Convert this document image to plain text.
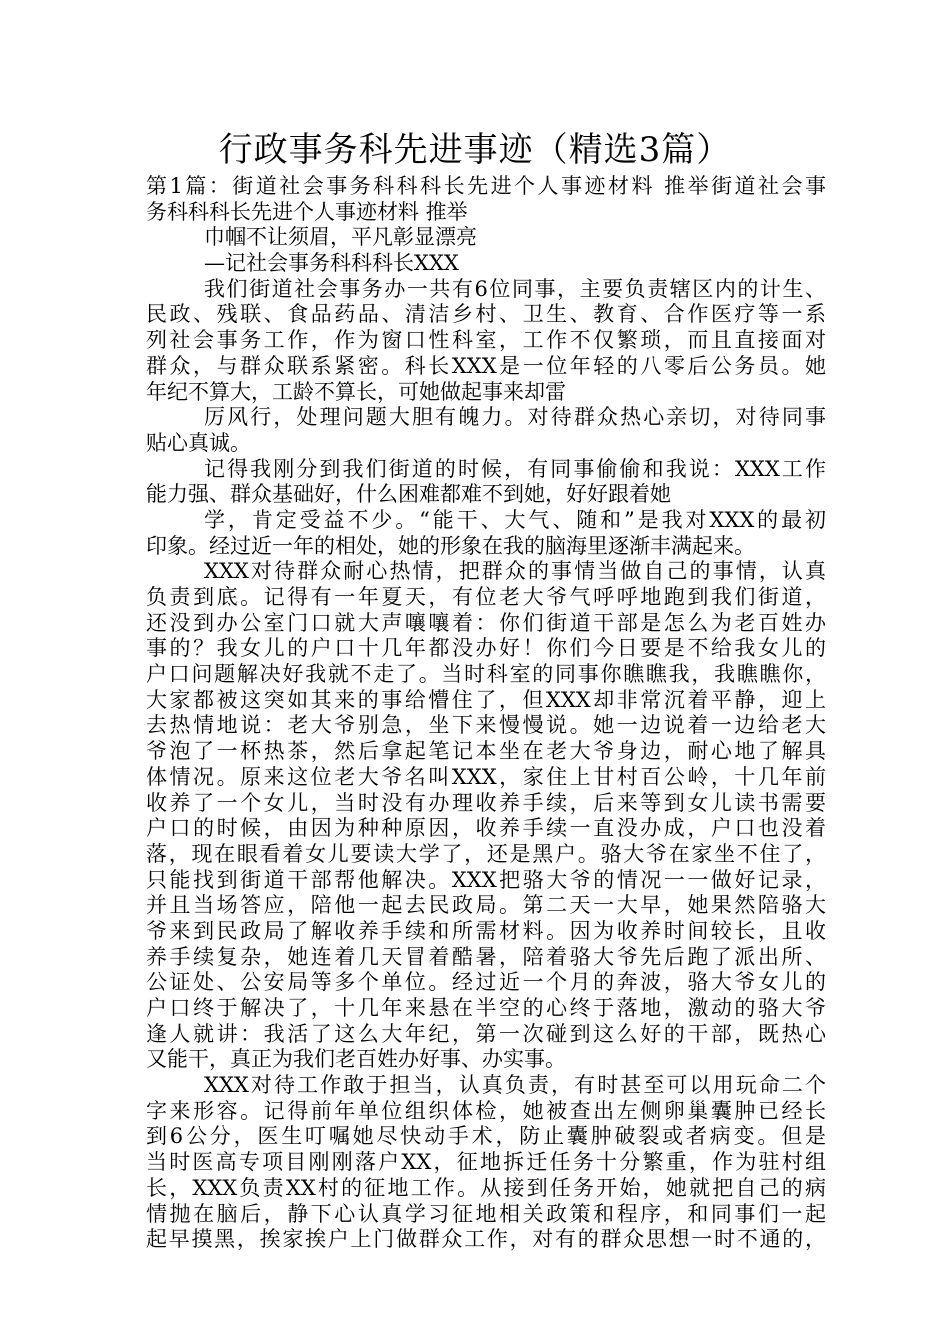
行政事务科先进事迹（精选3篇）
第1篇：街道社会事务科科科长先进个人事迹材料 推举街道社会事
务科科科长先进个人事迹材料 推举
巾帼不让须眉，平凡彰显漂亮
—记社会事务科科科长XXX
我们街道社会事务办一共有6位同事，主要负责辖区内的计生、
民政、残联、食品药品、清洁乡村、卫生、教育、合作医疗等一系
列社会事务工作，作为窗口性科室，工作不仅繁琐，而且直接面对
群众，与群众联系紧密。科长XXX是一位年轻的八零后公务员。她
年纪不算大，工龄不算长，可她做起事来却雷
厉风行，处理问题大胆有魄力。对待群众热心亲切，对待同事
贴心真诚。
记得我刚分到我们街道的时候，有同事偷偷和我说：XXX工作
能力强、群众基础好，什么困难都难不到她，好好跟着她
学，肯定受益不少。“能干、大气、随和”是我对XXX的最初
印象。经过近一年的相处，她的形象在我的脑海里逐渐丰满起来。
XXX对待群众耐心热情，把群众的事情当做自己的事情，认真
负责到底。记得有一年夏天，有位老大爷气呼呼地跑到我们街道，
还没到办公室门口就大声嚷嚷着：你们街道干部是怎么为老百姓办
事的？我女儿的户口十几年都没办好！你们今日要是不给我女儿的
户口问题解决好我就不走了。当时科室的同事你瞧瞧我，我瞧瞧你，
大家都被这突如其来的事给懵住了，但XXX却非常沉着平静，迎上
去热情地说：老大爷别急，坐下来慢慢说。她一边说着一边给老大
爷泡了一杯热茶，然后拿起笔记本坐在老大爷身边，耐心地了解具
体情况。原来这位老大爷名叫XXX，家住上甘村百公岭，十几年前
收养了一个女儿，当时没有办理收养手续，后来等到女儿读书需要
户口的时候，由因为种种原因，收养手续一直没办成，户口也没着
落，现在眼看着女儿要读大学了，还是黑户。骆大爷在家坐不住了，
只能找到街道干部帮他解决。XXX把骆大爷的情况一一做好记录，
并且当场答应，陪他一起去民政局。第二天一大早，她果然陪骆大
爷来到民政局了解收养手续和所需材料。因为收养时间较长，且收
养手续复杂，她连着几天冒着酷暑，陪着骆大爷先后跑了派出所、
公证处、公安局等多个单位。经过近一个月的奔波，骆大爷女儿的
户口终于解决了，十几年来悬在半空的心终于落地，激动的骆大爷
逢人就讲：我活了这么大年纪，第一次碰到这么好的干部，既热心
又能干，真正为我们老百姓办好事、办实事。
XXX对待工作敢于担当，认真负责，有时甚至可以用玩命二个
字来形容。记得前年单位组织体检，她被查出左侧卵巢囊肿已经长
到6公分，医生叮嘱她尽快动手术，防止囊肿破裂或者病变。但是
当时医高专项目刚刚落户XX，征地拆迁任务十分繁重，作为驻村组
长，XXX负责XX村的征地工作。从接到任务开始，她就把自己的病
情抛在脑后，静下心认真学习征地相关政策和程序，和同事们一起
起早摸黑，挨家挨户上门做群众工作，对有的群众思想一时不通的，
